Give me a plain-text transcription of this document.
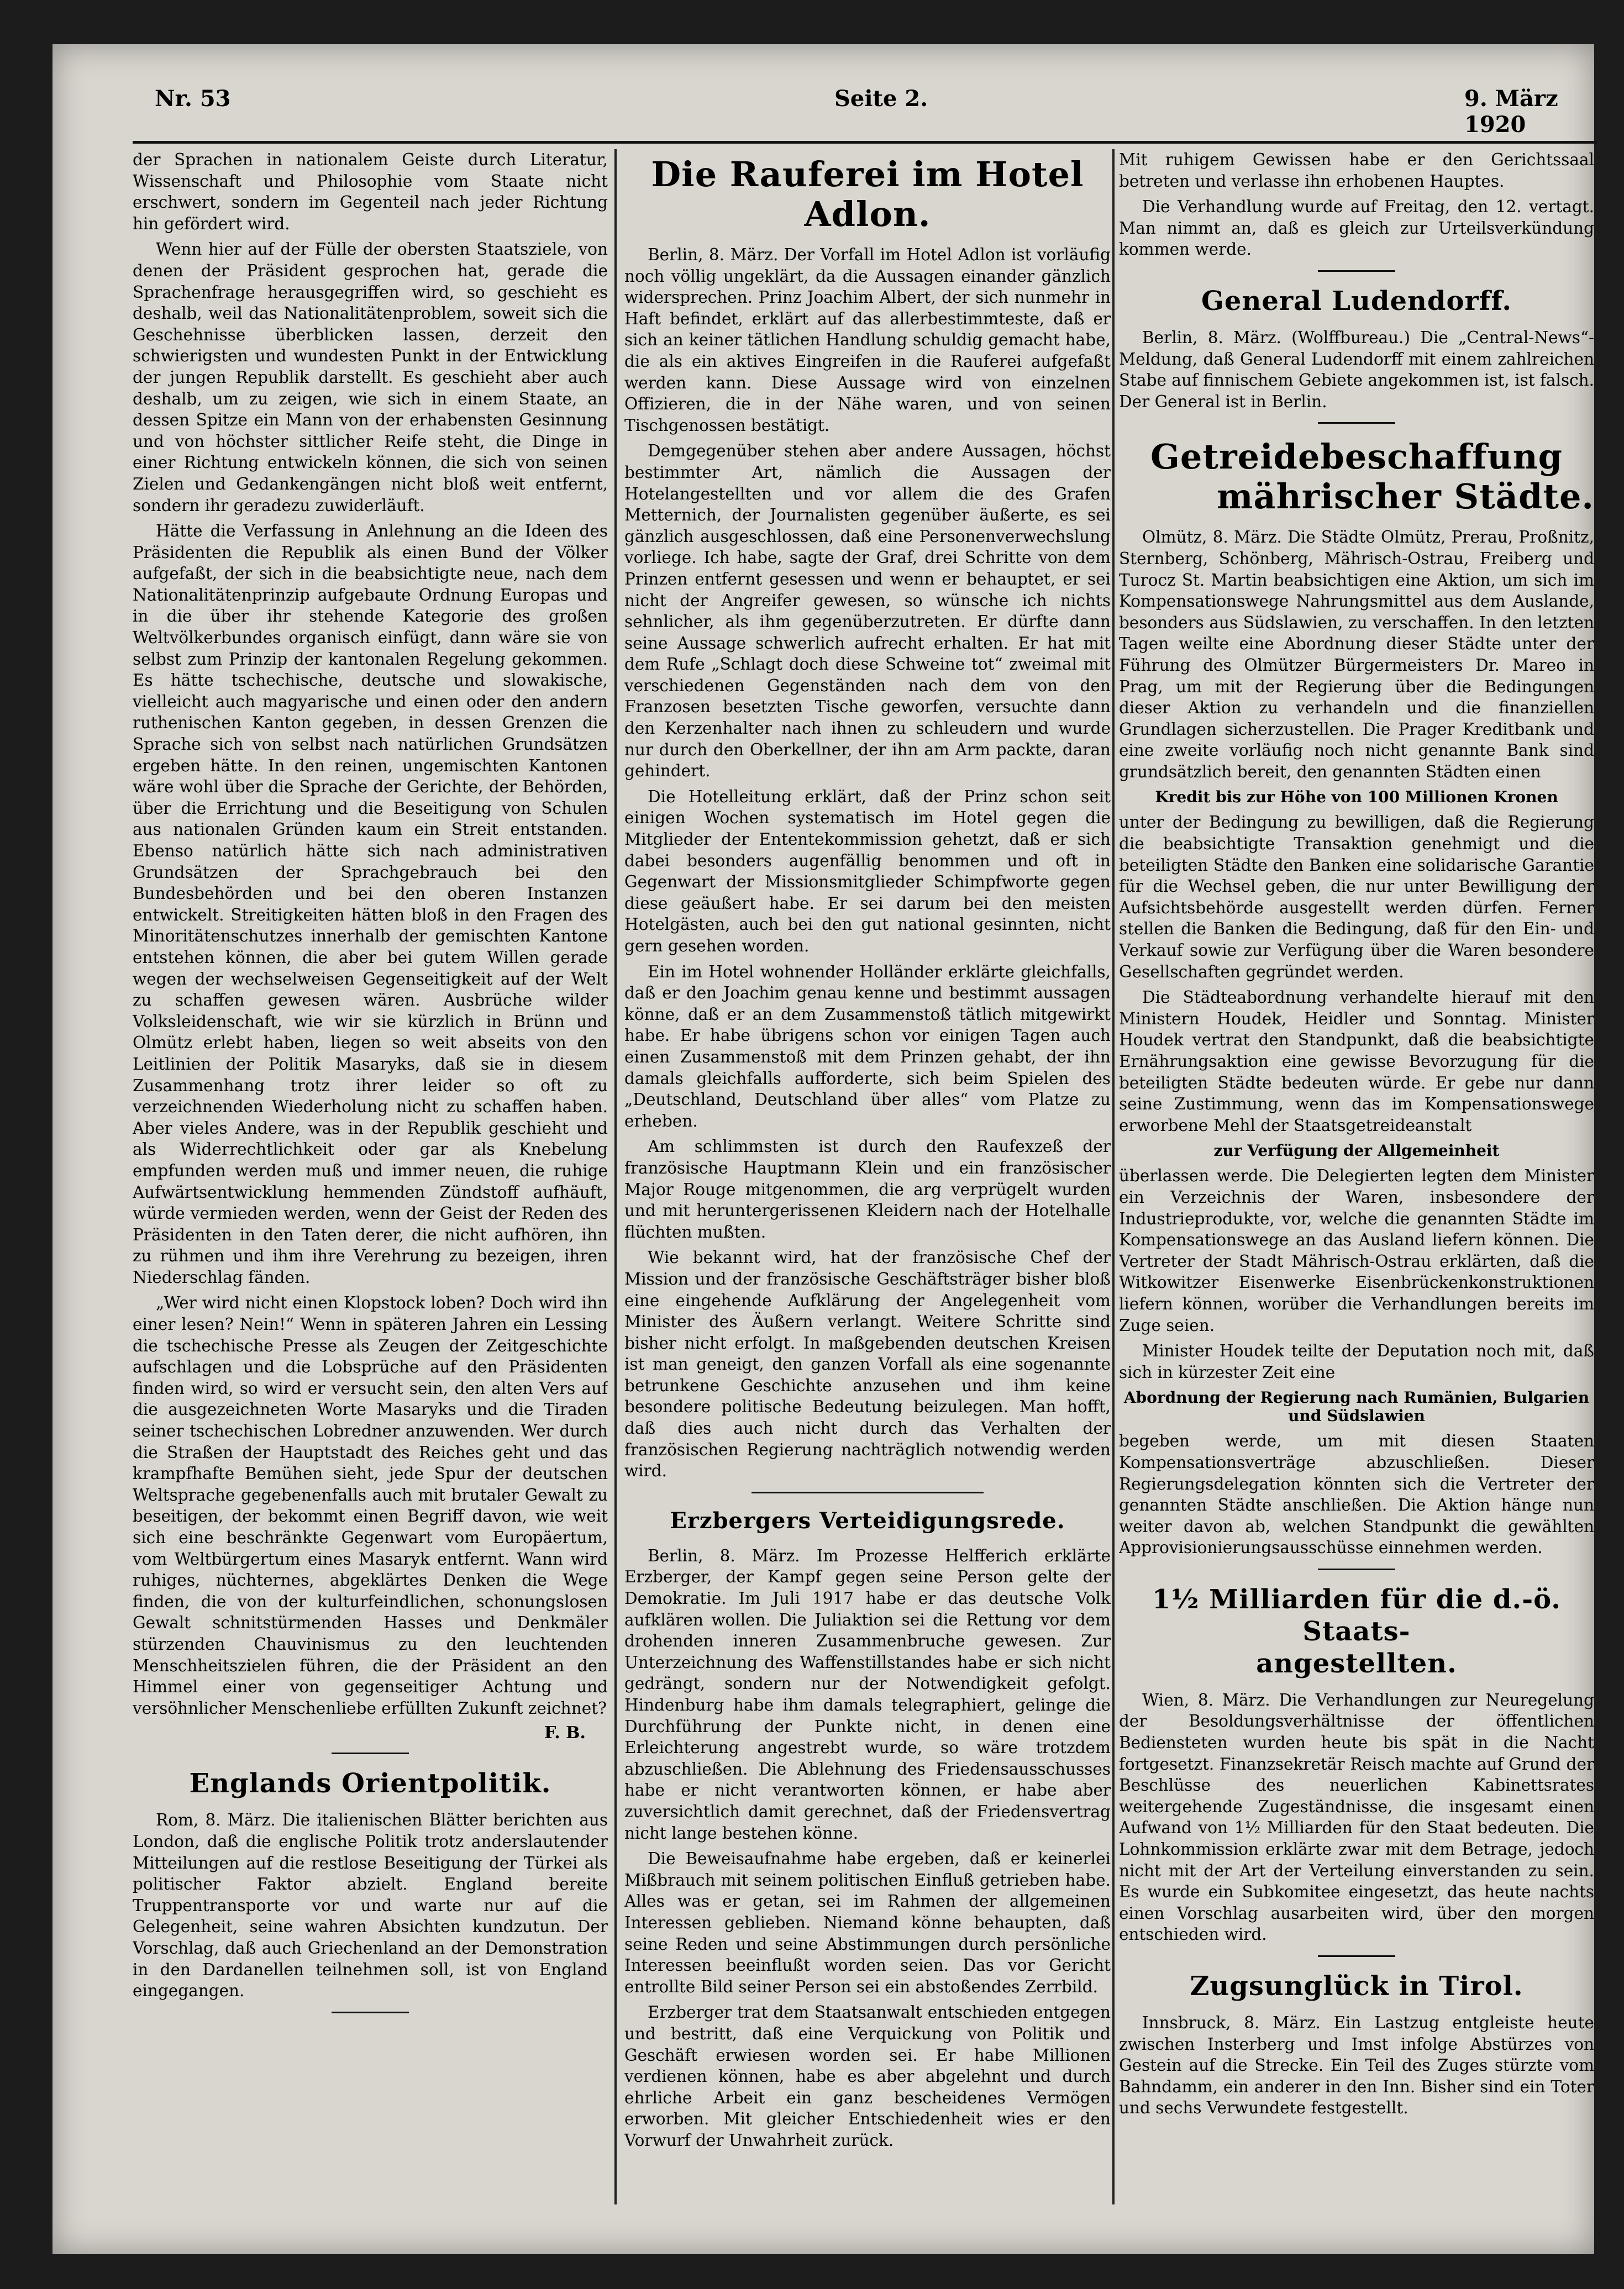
Nr. 53	Seite 2.	9. März 1920

der Sprachen in nationalem Geiste durch Literatur, Wissenschaft und Philosophie vom Staate nicht erschwert, sondern im Gegenteil nach jeder Richtung hin gefördert wird.

Wenn hier auf der Fülle der obersten Staatsziele, von denen der Präsident gesprochen hat, gerade die Sprachenfrage herausgegriffen wird, so geschieht es deshalb, weil das Nationalitätenproblem, soweit sich die Geschehnisse überblicken lassen, derzeit den schwierigsten und wundesten Punkt in der Entwicklung der jungen Republik darstellt. Es geschieht aber auch deshalb, um zu zeigen, wie sich in einem Staate, an dessen Spitze ein Mann von der erhabensten Gesinnung und von höchster sittlicher Reife steht, die Dinge in einer Richtung entwickeln können, die sich von seinen Zielen und Gedankengängen nicht bloß weit entfernt, sondern ihr geradezu zuwiderläuft.

Hätte die Verfassung in Anlehnung an die Ideen des Präsidenten die Republik als einen Bund der Völker aufgefaßt, der sich in die beabsichtigte neue, nach dem Nationalitätenprinzip aufgebaute Ordnung Europas und in die über ihr stehende Kategorie des großen Weltvölkerbundes organisch einfügt, dann wäre sie von selbst zum Prinzip der kantonalen Regelung gekommen. Es hätte tschechische, deutsche und slowakische, vielleicht auch magyarische und einen oder den andern ruthenischen Kanton gegeben, in dessen Grenzen die Sprache sich von selbst nach natürlichen Grundsätzen ergeben hätte. In den reinen, ungemischten Kantonen wäre wohl über die Sprache der Gerichte, der Behörden, über die Errichtung und die Beseitigung von Schulen aus nationalen Gründen kaum ein Streit entstanden. Ebenso natürlich hätte sich nach administrativen Grundsätzen der Sprachgebrauch bei den Bundesbehörden und bei den oberen Instanzen entwickelt. Streitigkeiten hätten bloß in den Fragen des Minoritätenschutzes innerhalb der gemischten Kantone entstehen können, die aber bei gutem Willen gerade wegen der wechselweisen Gegenseitigkeit auf der Welt zu schaffen gewesen wären. Ausbrüche wilder Volksleidenschaft, wie wir sie kürzlich in Brünn und Olmütz erlebt haben, liegen so weit abseits von den Leitlinien der Politik Masaryks, daß sie in diesem Zusammenhang trotz ihrer leider so oft zu verzeichnenden Wiederholung nicht zu schaffen haben. Aber vieles Andere, was in der Republik geschieht und als Widerrechtlichkeit oder gar als Knebelung empfunden werden muß und immer neuen, die ruhige Aufwärtsentwicklung hemmenden Zündstoff aufhäuft, würde vermieden werden, wenn der Geist der Reden des Präsidenten in den Taten derer, die nicht aufhören, ihn zu rühmen und ihm ihre Verehrung zu bezeigen, ihren Niederschlag fänden.

„Wer wird nicht einen Klopstock loben? Doch wird ihn einer lesen? Nein!“ Wenn in späteren Jahren ein Lessing die tschechische Presse als Zeugen der Zeitgeschichte aufschlagen und die Lobsprüche auf den Präsidenten finden wird, so wird er versucht sein, den alten Vers auf die ausgezeichneten Worte Masaryks und die Tiraden seiner tschechischen Lobredner anzuwenden. Wer durch die Straßen der Hauptstadt des Reiches geht und das krampfhafte Bemühen sieht, jede Spur der deutschen Weltsprache gegebenenfalls auch mit brutaler Gewalt zu beseitigen, der bekommt einen Begriff davon, wie weit sich eine beschränkte Gegenwart vom Europäertum, vom Weltbürgertum eines Masaryk entfernt. Wann wird ruhiges, nüchternes, abgeklärtes Denken die Wege finden, die von der kulturfeindlichen, schonungslosen Gewalt schnitstürmenden Hasses und Denkmäler stürzenden Chauvinismus zu den leuchtenden Menschheitszielen führen, die der Präsident an den Himmel einer von gegenseitiger Achtung und versöhnlicher Menschenliebe erfüllten Zukunft zeichnet?

F. B.
Englands Orientpolitik.

Rom, 8. März. Die italienischen Blätter berichten aus London, daß die englische Politik trotz anderslautender Mitteilungen auf die restlose Beseitigung der Türkei als politischer Faktor abzielt. England bereite Truppentransporte vor und warte nur auf die Gelegenheit, seine wahren Absichten kundzutun. Der Vorschlag, daß auch Griechenland an der Demonstration in den Dardanellen teilnehmen soll, ist von England eingegangen.

Die Rauferei im Hotel Adlon.

Berlin, 8. März. Der Vorfall im Hotel Adlon ist vorläufig noch völlig ungeklärt, da die Aussagen einander gänzlich widersprechen. Prinz Joachim Albert, der sich nunmehr in Haft befindet, erklärt auf das allerbestimmteste, daß er sich an keiner tätlichen Handlung schuldig gemacht habe, die als ein aktives Eingreifen in die Rauferei aufgefaßt werden kann. Diese Aussage wird von einzelnen Offizieren, die in der Nähe waren, und von seinen Tischgenossen bestätigt.

Demgegenüber stehen aber andere Aussagen, höchst bestimmter Art, nämlich die Aussagen der Hotelangestellten und vor allem die des Grafen Metternich, der Journalisten gegenüber äußerte, es sei gänzlich ausgeschlossen, daß eine Personenverwechslung vorliege. Ich habe, sagte der Graf, drei Schritte von dem Prinzen entfernt gesessen und wenn er behauptet, er sei nicht der Angreifer gewesen, so wünsche ich nichts sehnlicher, als ihm gegenüberzutreten. Er dürfte dann seine Aussage schwerlich aufrecht erhalten. Er hat mit dem Rufe „Schlagt doch diese Schweine tot“ zweimal mit verschiedenen Gegenständen nach dem von den Franzosen besetzten Tische geworfen, versuchte dann den Kerzenhalter nach ihnen zu schleudern und wurde nur durch den Oberkellner, der ihn am Arm packte, daran gehindert.

Die Hotelleitung erklärt, daß der Prinz schon seit einigen Wochen systematisch im Hotel gegen die Mitglieder der Ententekommission gehetzt, daß er sich dabei besonders augenfällig benommen und oft in Gegenwart der Missionsmitglieder Schimpfworte gegen diese geäußert habe. Er sei darum bei den meisten Hotelgästen, auch bei den gut national gesinnten, nicht gern gesehen worden.

Ein im Hotel wohnender Holländer erklärte gleichfalls, daß er den Joachim genau kenne und bestimmt aussagen könne, daß er an dem Zusammenstoß tätlich mitgewirkt habe. Er habe übrigens schon vor einigen Tagen auch einen Zusammenstoß mit dem Prinzen gehabt, der ihn damals gleichfalls aufforderte, sich beim Spielen des „Deutschland, Deutschland über alles“ vom Platze zu erheben.

Am schlimmsten ist durch den Raufexzeß der französische Hauptmann Klein und ein französischer Major Rouge mitgenommen, die arg verprügelt wurden und mit heruntergerissenen Kleidern nach der Hotelhalle flüchten mußten.

Wie bekannt wird, hat der französische Chef der Mission und der französische Geschäftsträger bisher bloß eine eingehende Aufklärung der Angelegenheit vom Minister des Äußern verlangt. Weitere Schritte sind bisher nicht erfolgt. In maßgebenden deutschen Kreisen ist man geneigt, den ganzen Vorfall als eine sogenannte betrunkene Geschichte anzusehen und ihm keine besondere politische Bedeutung beizulegen. Man hofft, daß dies auch nicht durch das Verhalten der französischen Regierung nachträglich notwendig werden wird.

Erzbergers Verteidigungsrede.

Berlin, 8. März. Im Prozesse Helfferich erklärte Erzberger, der Kampf gegen seine Person gelte der Demokratie. Im Juli 1917 habe er das deutsche Volk aufklären wollen. Die Juliaktion sei die Rettung vor dem drohenden inneren Zusammenbruche gewesen. Zur Unterzeichnung des Waffenstillstandes habe er sich nicht gedrängt, sondern nur der Notwendigkeit gefolgt. Hindenburg habe ihm damals telegraphiert, gelinge die Durchführung der Punkte nicht, in denen eine Erleichterung angestrebt wurde, so wäre trotzdem abzuschließen. Die Ablehnung des Friedensausschusses habe er nicht verantworten können, er habe aber zuversichtlich damit gerechnet, daß der Friedensvertrag nicht lange bestehen könne.

Die Beweisaufnahme habe ergeben, daß er keinerlei Mißbrauch mit seinem politischen Einfluß getrieben habe. Alles was er getan, sei im Rahmen der allgemeinen Interessen geblieben. Niemand könne behaupten, daß seine Reden und seine Abstimmungen durch persönliche Interessen beeinflußt worden seien. Das vor Gericht entrollte Bild seiner Person sei ein abstoßendes Zerrbild.

Erzberger trat dem Staatsanwalt entschieden entgegen und bestritt, daß eine Verquickung von Politik und Geschäft erwiesen worden sei. Er habe Millionen verdienen können, habe es aber abgelehnt und durch ehrliche Arbeit ein ganz bescheidenes Vermögen erworben. Mit gleicher Entschiedenheit wies er den Vorwurf der Unwahrheit zurück.

Mit ruhigem Gewissen habe er den Gerichtssaal betreten und verlasse ihn erhobenen Hauptes.

Die Verhandlung wurde auf Freitag, den 12. vertagt. Man nimmt an, daß es gleich zur Urteilsverkündung kommen werde.

General Ludendorff.

Berlin, 8. März. (Wolffbureau.) Die „Central-News“-Meldung, daß General Ludendorff mit einem zahlreichen Stabe auf finnischem Gebiete angekommen ist, ist falsch. Der General ist in Berlin.

Getreidebeschaffung
mährischer Städte.

Olmütz, 8. März. Die Städte Olmütz, Prerau, Proßnitz, Sternberg, Schönberg, Mährisch-Ostrau, Freiberg und Turocz St. Martin beabsichtigen eine Aktion, um sich im Kompensationswege Nahrungsmittel aus dem Auslande, besonders aus Südslawien, zu verschaffen. In den letzten Tagen weilte eine Abordnung dieser Städte unter der Führung des Olmützer Bürgermeisters Dr. Mareo in Prag, um mit der Regierung über die Bedingungen dieser Aktion zu verhandeln und die finanziellen Grundlagen sicherzustellen. Die Prager Kreditbank und eine zweite vorläufig noch nicht genannte Bank sind grundsätzlich bereit, den genannten Städten einen

Kredit bis zur Höhe von 100 Millionen Kronen

unter der Bedingung zu bewilligen, daß die Regierung die beabsichtigte Transaktion genehmigt und die beteiligten Städte den Banken eine solidarische Garantie für die Wechsel geben, die nur unter Bewilligung der Aufsichtsbehörde ausgestellt werden dürfen. Ferner stellen die Banken die Bedingung, daß für den Ein- und Verkauf sowie zur Verfügung über die Waren besondere Gesellschaften gegründet werden.

Die Städteabordnung verhandelte hierauf mit den Ministern Houdek, Heidler und Sonntag. Minister Houdek vertrat den Standpunkt, daß die beabsichtigte Ernährungsaktion eine gewisse Bevorzugung für die beteiligten Städte bedeuten würde. Er gebe nur dann seine Zustimmung, wenn das im Kompensationswege erworbene Mehl der Staatsgetreideanstalt

zur Verfügung der Allgemeinheit

überlassen werde. Die Delegierten legten dem Minister ein Verzeichnis der Waren, insbesondere der Industrieprodukte, vor, welche die genannten Städte im Kompensationswege an das Ausland liefern können. Die Vertreter der Stadt Mährisch-Ostrau erklärten, daß die Witkowitzer Eisenwerke Eisenbrückenkonstruktionen liefern können, worüber die Verhandlungen bereits im Zuge seien.

Minister Houdek teilte der Deputation noch mit, daß sich in kürzester Zeit eine

Abordnung der Regierung nach Rumänien, Bulgarien und Südslawien

begeben werde, um mit diesen Staaten Kompensationsverträge abzuschließen. Dieser Regierungsdelegation könnten sich die Vertreter der genannten Städte anschließen. Die Aktion hänge nun weiter davon ab, welchen Standpunkt die gewählten Approvisionierungsausschüsse einnehmen werden.

1½ Milliarden für die d.-ö. Staats-
angestellten.

Wien, 8. März. Die Verhandlungen zur Neuregelung der Besoldungsverhältnisse der öffentlichen Bediensteten wurden heute bis spät in die Nacht fortgesetzt. Finanzsekretär Reisch machte auf Grund der Beschlüsse des neuerlichen Kabinettsrates weitergehende Zugeständnisse, die insgesamt einen Aufwand von 1½ Milliarden für den Staat bedeuten. Die Lohnkommission erklärte zwar mit dem Betrage, jedoch nicht mit der Art der Verteilung einverstanden zu sein. Es wurde ein Subkomitee eingesetzt, das heute nachts einen Vorschlag ausarbeiten wird, über den morgen entschieden wird.

Zugsunglück in Tirol.

Innsbruck, 8. März. Ein Lastzug entgleiste heute zwischen Insterberg und Imst infolge Abstürzes von Gestein auf die Strecke. Ein Teil des Zuges stürzte vom Bahndamm, ein anderer in den Inn. Bisher sind ein Toter und sechs Verwundete festgestellt.
